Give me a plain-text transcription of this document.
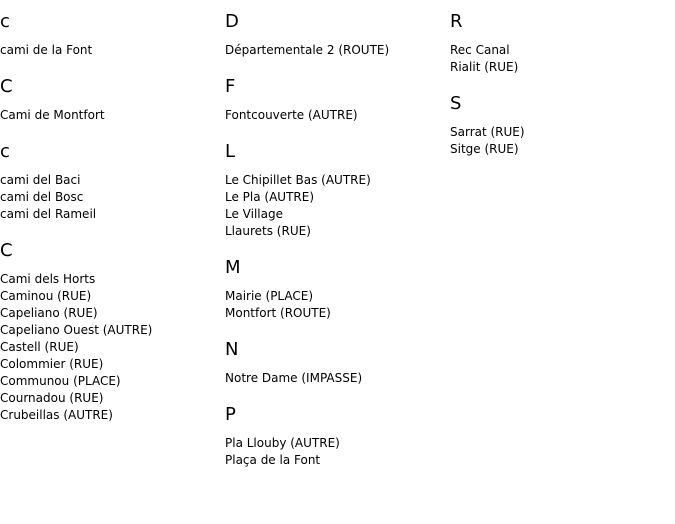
c
cami de la Font
C
Cami de Montfort
c
cami del Baci
cami del Bosc
cami del Rameil
C
Cami dels Horts
Caminou (RUE)
Capeliano (RUE)
Capeliano Ouest (AUTRE)
Castell (RUE)
Colommier (RUE)
Communou (PLACE)
Cournadou (RUE)
Crubeillas (AUTRE)
D
Départementale 2 (ROUTE)
F
Fontcouverte (AUTRE)
L
Le Chipillet Bas (AUTRE)
Le Pla (AUTRE)
Le Village
Llaurets (RUE)
M
Mairie (PLACE)
Montfort (ROUTE)
N
Notre Dame (IMPASSE)
P
Pla Llouby (AUTRE)
Plaça de la Font
R
Rec Canal
Rialit (RUE)
S
Sarrat (RUE)
Sitge (RUE)
